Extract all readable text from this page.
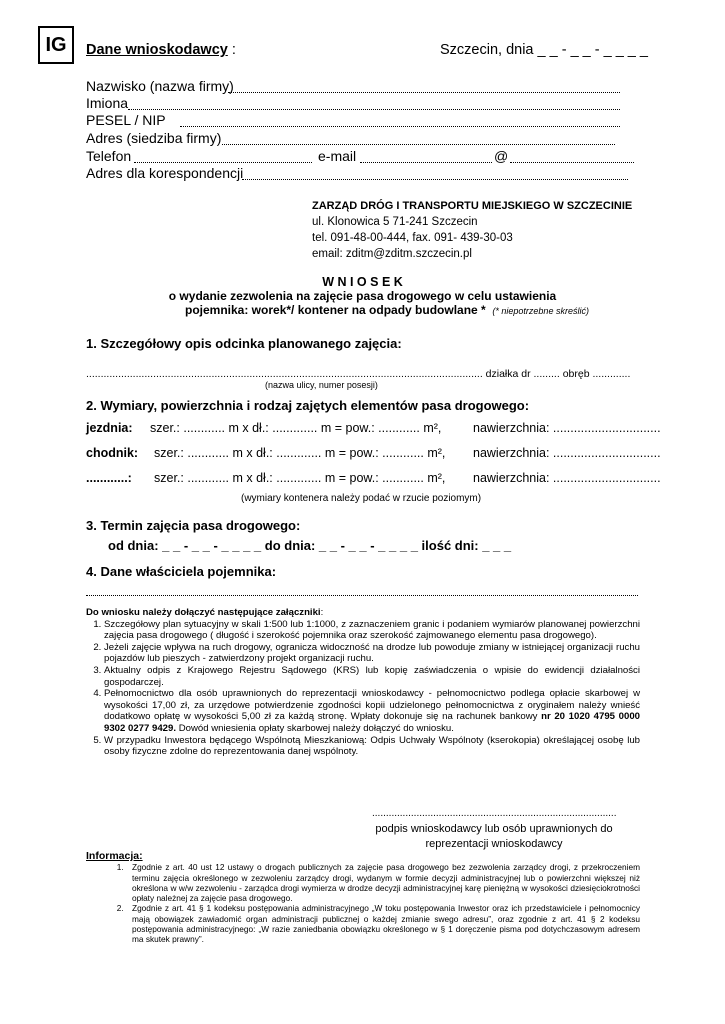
IG	Dane wnioskodawcy :	Szczecin, dnia _ _ - _ _ - _ _ _ _
Nazwisko (nazwa firmy)
Imiona
PESEL / NIP
Adres (siedziba firmy)
Telefon	e-mail	@
Adres dla korespondencji
ZARZĄD DRÓG I TRANSPORTU MIEJSKIEGO W SZCZECINIE
ul. Klonowica 5 71-241 Szczecin
tel. 091-48-00-444, fax. 091- 439-30-03
email: zditm@zditm.szczecin.pl
W N I O S E K
o wydanie zezwolenia na zajęcie pasa drogowego w celu ustawienia
pojemnika: worek*/ kontener na odpady budowlane * (* niepotrzebne skreślić)
1. Szczegółowy opis odcinka planowanego zajęcia:
........................................................................................................................................ działka dr ......... obręb .............
(nazwa ulicy, numer posesji)
2. Wymiary, powierzchnia i rodzaj zajętych elementów pasa drogowego:
jezdnia: szer.: ............ m x dł.: ............. m = pow.: ............ m²,	nawierzchnia: ...............................
chodnik: szer.: ............ m x dł.: ............. m = pow.: ............ m², nawierzchnia: ...............................
............: szer.: ............ m x dł.: ............. m = pow.: ............ m², nawierzchnia: ...............................
(wymiary kontenera należy podać w rzucie poziomym)
3. Termin zajęcia pasa drogowego:
od dnia: _ _ - _ _ - _ _ _ _ do dnia: _ _ - _ _ - _ _ _ _ ilość dni: _ _ _
4. Dane właściciela pojemnika:
Do wniosku należy dołączyć następujące załączniki:
1. Szczegółowy plan sytuacyjny w skali 1:500 lub 1:1000, z zaznaczeniem granic i podaniem wymiarów planowanej powierzchni zajęcia pasa drogowego ( długość i szerokość pojemnika oraz szerokość zajmowanego elementu pasa drogowego).
2. Jeżeli zajęcie wpływa na ruch drogowy, ogranicza widoczność na drodze lub powoduje zmiany w istniejącej organizacji ruchu pojazdów lub pieszych - zatwierdzony projekt organizacji ruchu.
3. Aktualny odpis z Krajowego Rejestru Sądowego (KRS) lub kopię zaświadczenia o wpisie do ewidencji działalności gospodarczej.
4. Pełnomocnictwo dla osób uprawnionych do reprezentacji wnioskodawcy - pełnomocnictwo podlega opłacie skarbowej w wysokości 17,00 zł, za urzędowe potwierdzenie zgodności kopii udzielonego pełnomocnictwa z oryginałem należy wnieść dodatkowo opłatę w wysokości 5,00 zł za każdą stronę. Wpłaty dokonuje się na rachunek bankowy nr 20 1020 4795 0000 9302 0277 9429. Dowód wniesienia opłaty skarbowej należy dołączyć do wniosku.
5. W przypadku Inwestora będącego Wspólnotą Mieszkaniową: Odpis Uchwały Wspólnoty (kserokopia) określającej osobę lub osoby fizyczne zdolne do reprezentowania danej wspólnoty.
........................................................................................
podpis wnioskodawcy lub osób uprawnionych do
reprezentacji wnioskodawcy
Informacja:
1. Zgodnie z art. 40 ust 12 ustawy o drogach publicznych za zajęcie pasa drogowego bez zezwolenia zarządcy drogi, z przekroczeniem terminu zajęcia określonego w zezwoleniu zarządcy drogi, wydanym w formie decyzji administracyjnej lub o powierzchni większej niż określona w w/w zezwoleniu - zarządca drogi wymierza w drodze decyzji administracyjnej karę pieniężną w wysokości dziesięciokrotności opłaty należnej za zajęcie pasa drogowego.
2. Zgodnie z art. 41 § 1 kodeksu postępowania administracyjnego „W toku postępowania Inwestor oraz ich przedstawiciele i pełnomocnicy mają obowiązek zawiadomić organ administracji publicznej o każdej zmianie swego adresu”, oraz zgodnie z art. 41 § 2 kodeksu postępowania administracyjnego: „W razie zaniedbania obowiązku określonego w § 1 doręczenie pisma pod dotychczasowym adresem ma skutek prawny”.
